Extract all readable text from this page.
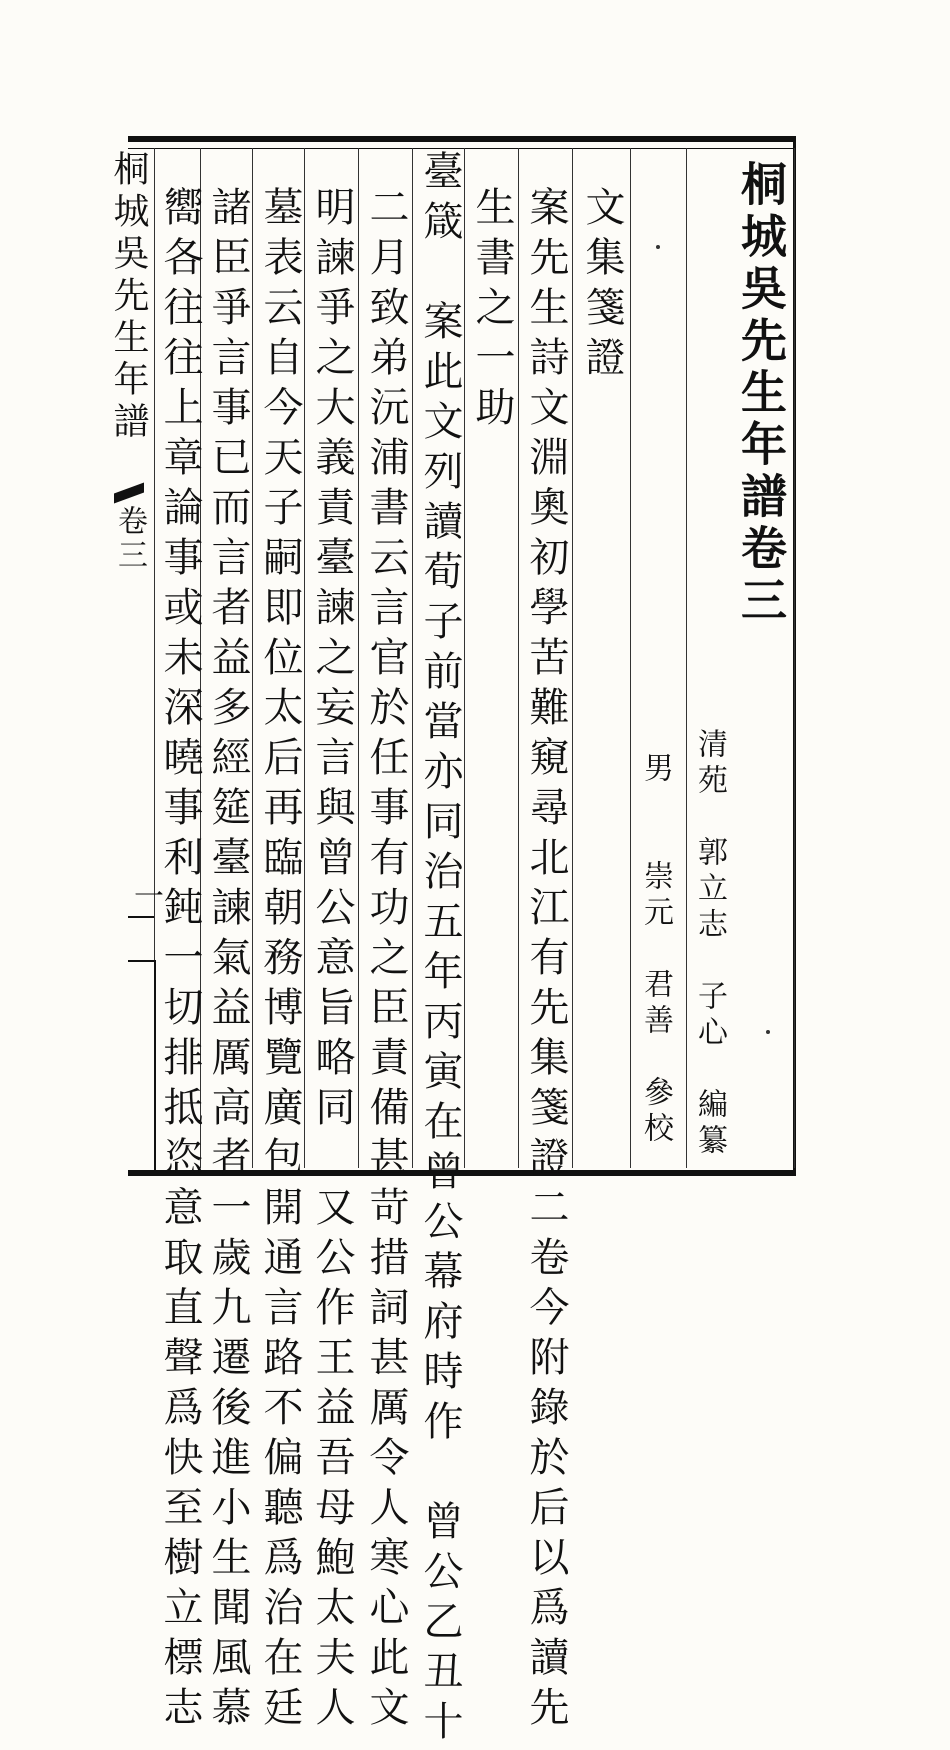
桐城吳先生年譜
卷三
一
桐城吳先生年譜卷三
清苑　郭立志　子心　編纂
男　　崇元　君善　參校
文集箋證
案先生詩文淵奧初學苦難窺尋北江有先集箋證二卷今附錄於后以爲讀先
生書之一助
臺箴　案此文列讀荀子前當亦同治五年丙寅在曾公幕府時作　曾公乙丑十
二月致弟沅浦書云言官於任事有功之臣責備甚苛措詞甚厲令人寒心此文
明諫爭之大義責臺諫之妄言與曾公意旨略同　又公作王益吾母鮑太夫人
墓表云自今天子嗣即位太后再臨朝務博覽廣包開通言路不偏聽爲治在廷
諸臣爭言事已而言者益多經筵臺諫氣益厲高者一歲九遷後進小生聞風慕
嚮各往往上章論事或未深曉事利鈍一切排抵恣意取直聲爲快至樹立標志
